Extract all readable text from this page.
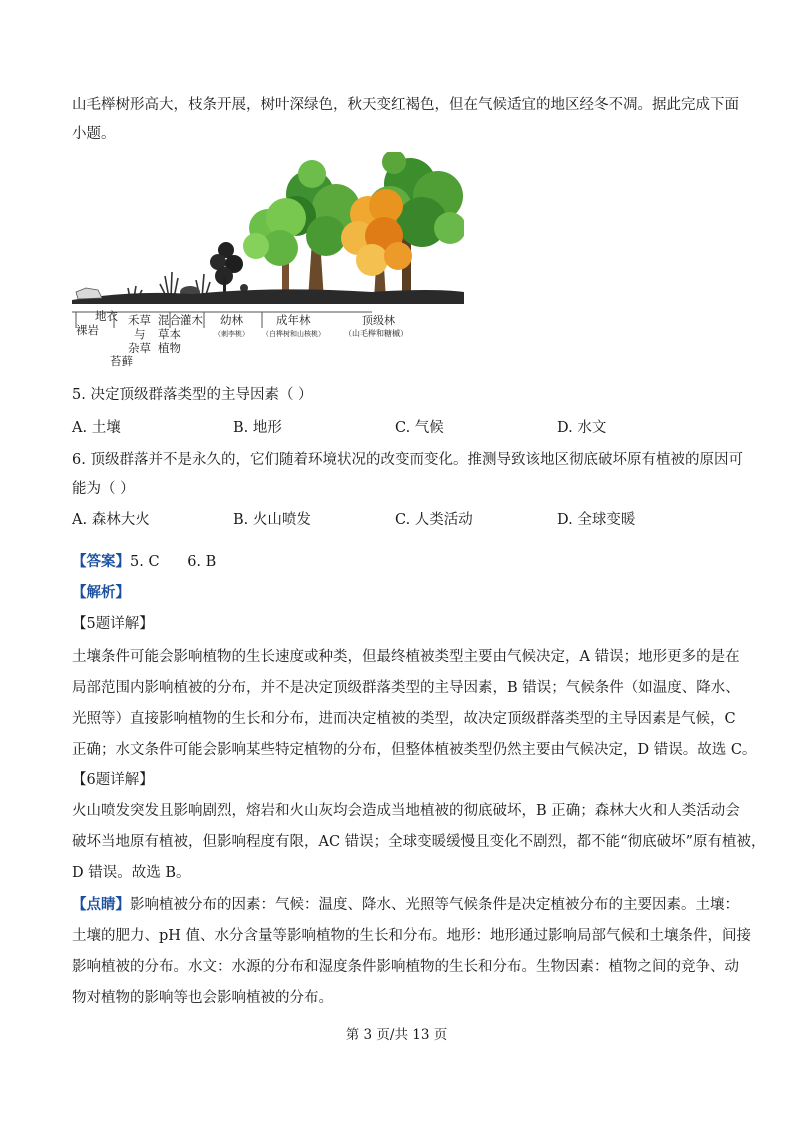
山毛榉树形高大，枝条开展，树叶深绿色，秋天变红褐色，但在气候适宜的地区经冬不凋。据此完成下面
小题。
裸岩
地衣
苔藓
禾草
与
杂草
混合
草本
植物
灌木 幼林
（刺李桃）
成年林
（白桦树和山核桃）
顶级林
（山毛榉和糖槭）
5. 决定顶级群落类型的主导因素（ ）
A. 土壤	B. 地形	C. 气候	D. 水文
6. 顶级群落并不是永久的，它们随着环境状况的改变而变化。推测导致该地区彻底破坏原有植被的原因可
能为（ ）
A. 森林大火	B. 火山喷发	C. 人类活动	D. 全球变暖
【答案】5. C      6. B
【解析】
【5题详解】
土壤条件可能会影响植物的生长速度或种类，但最终植被类型主要由气候决定，A 错误；地形更多的是在
局部范围内影响植被的分布，并不是决定顶级群落类型的主导因素，B 错误；气候条件（如温度、降水、
光照等）直接影响植物的生长和分布，进而决定植被的类型，故决定顶级群落类型的主导因素是气候，C
正确；水文条件可能会影响某些特定植物的分布，但整体植被类型仍然主要由气候决定，D 错误。故选 C。
【6题详解】
火山喷发突发且影响剧烈，熔岩和火山灰均会造成当地植被的彻底破坏，B 正确；森林大火和人类活动会
破坏当地原有植被，但影响程度有限，AC 错误；全球变暖缓慢且变化不剧烈，都不能“彻底破坏”原有植被，
D 错误。故选 B。
【点睛】影响植被分布的因素：气候：温度、降水、光照等气候条件是决定植被分布的主要因素。土壤：
土壤的肥力、pH 值、水分含量等影响植物的生长和分布。地形：地形通过影响局部气候和土壤条件，间接
影响植被的分布。水文：水源的分布和湿度条件影响植物的生长和分布。生物因素：植物之间的竞争、动
物对植物的影响等也会影响植被的分布。
第 3 页/共 13 页
